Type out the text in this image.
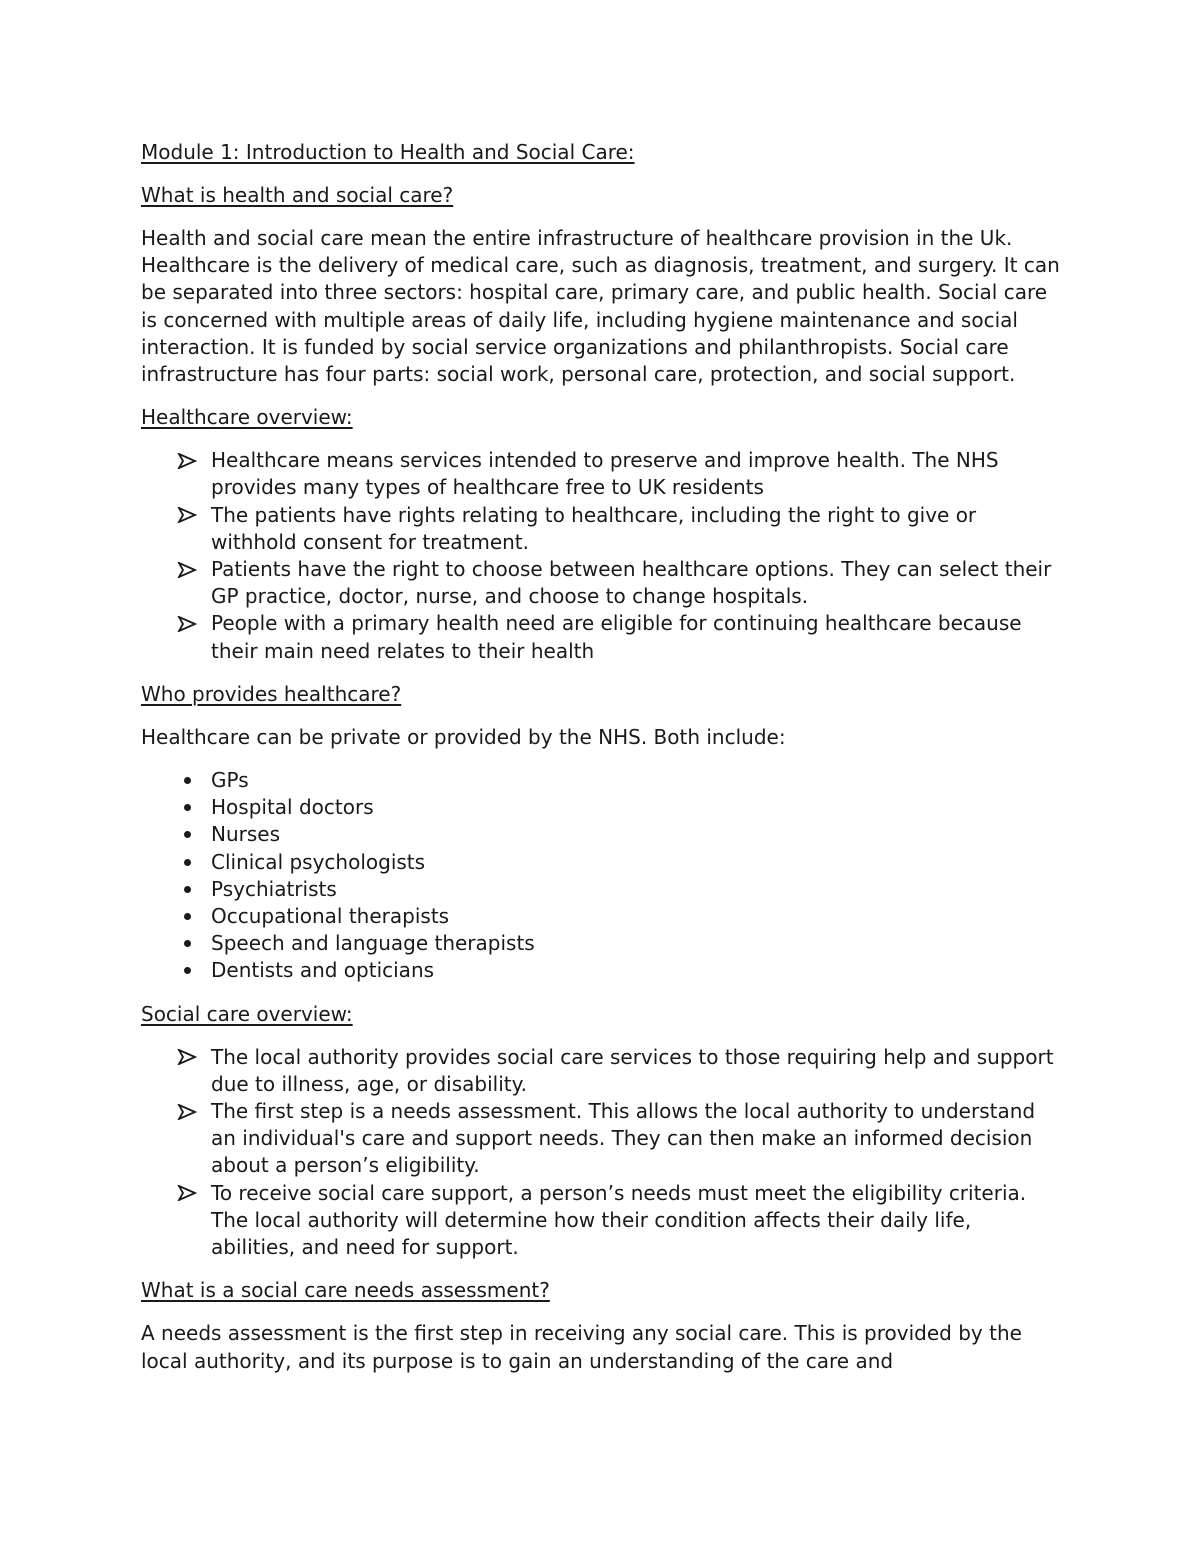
Module 1: Introduction to Health and Social Care:
What is health and social care?

Health and social care mean the entire infrastructure of healthcare provision in the Uk. Healthcare is the delivery of medical care, such as diagnosis, treatment, and surgery. It can be separated into three sectors: hospital care, primary care, and public health. Social care is concerned with multiple areas of daily life, including hygiene maintenance and social interaction. It is funded by social service organizations and philanthropists. Social care infrastructure has four parts: social work, personal care, protection, and social support.

Healthcare overview:
Healthcare means services intended to preserve and improve health. The NHS provides many types of healthcare free to UK residents
The patients have rights relating to healthcare, including the right to give or withhold consent for treatment.
Patients have the right to choose between healthcare options. They can select their GP practice, doctor, nurse, and choose to change hospitals.
People with a primary health need are eligible for continuing healthcare because their main need relates to their health
Who provides healthcare?

Healthcare can be private or provided by the NHS. Both include:

GPs
Hospital doctors
Nurses
Clinical psychologists
Psychiatrists
Occupational therapists
Speech and language therapists
Dentists and opticians
Social care overview:
The local authority provides social care services to those requiring help and support due to illness, age, or disability.
The first step is a needs assessment. This allows the local authority to understand an individual's care and support needs. They can then make an informed decision about a person’s eligibility.
To receive social care support, a person’s needs must meet the eligibility criteria. The local authority will determine how their condition affects their daily life, abilities, and need for support.
What is a social care needs assessment?

A needs assessment is the first step in receiving any social care. This is provided by the local authority, and its purpose is to gain an understanding of the care and
